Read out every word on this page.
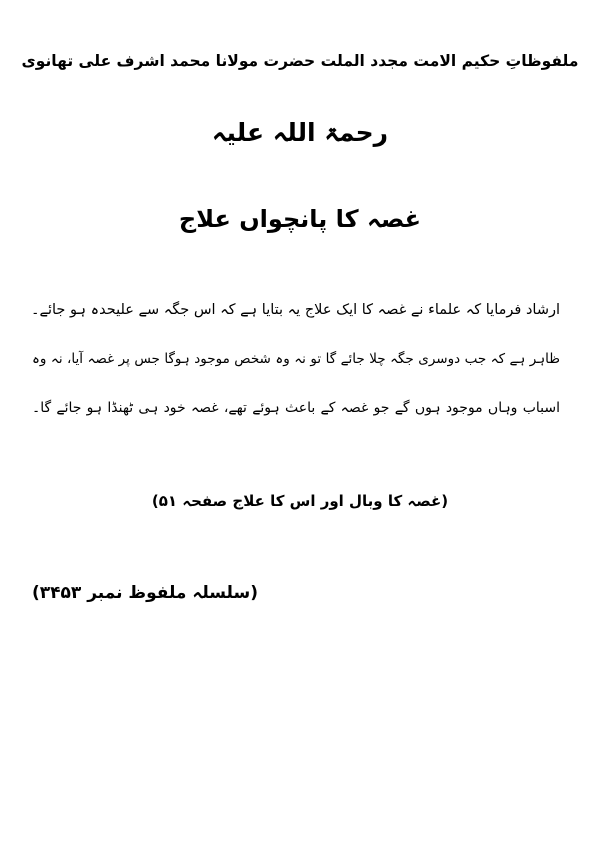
ملفوظاتِ حکیم الامت مجدد الملت حضرت مولانا محمد اشرف علی تھانوی
رحمۃ اللہ علیہ
غصہ کا پانچواں علاج
ارشاد فرمایا کہ علماء نے غصہ کا ایک علاج یہ بتایا ہے کہ اس جگہ سے علیحدہ ہو جائے۔
ظاہر ہے کہ جب دوسری جگہ چلا جائے گا تو نہ وہ شخص موجود ہوگا جس پر غصہ آیا، نہ وہ
اسباب وہاں موجود ہوں گے جو غصہ کے باعث ہوئے تھے، غصہ خود ہی ٹھنڈا ہو جائے گا۔
(غصہ کا وبال اور اس کا علاج صفحہ ۵۱)
(سلسلہ ملفوظ نمبر ۳۴۵۳)
